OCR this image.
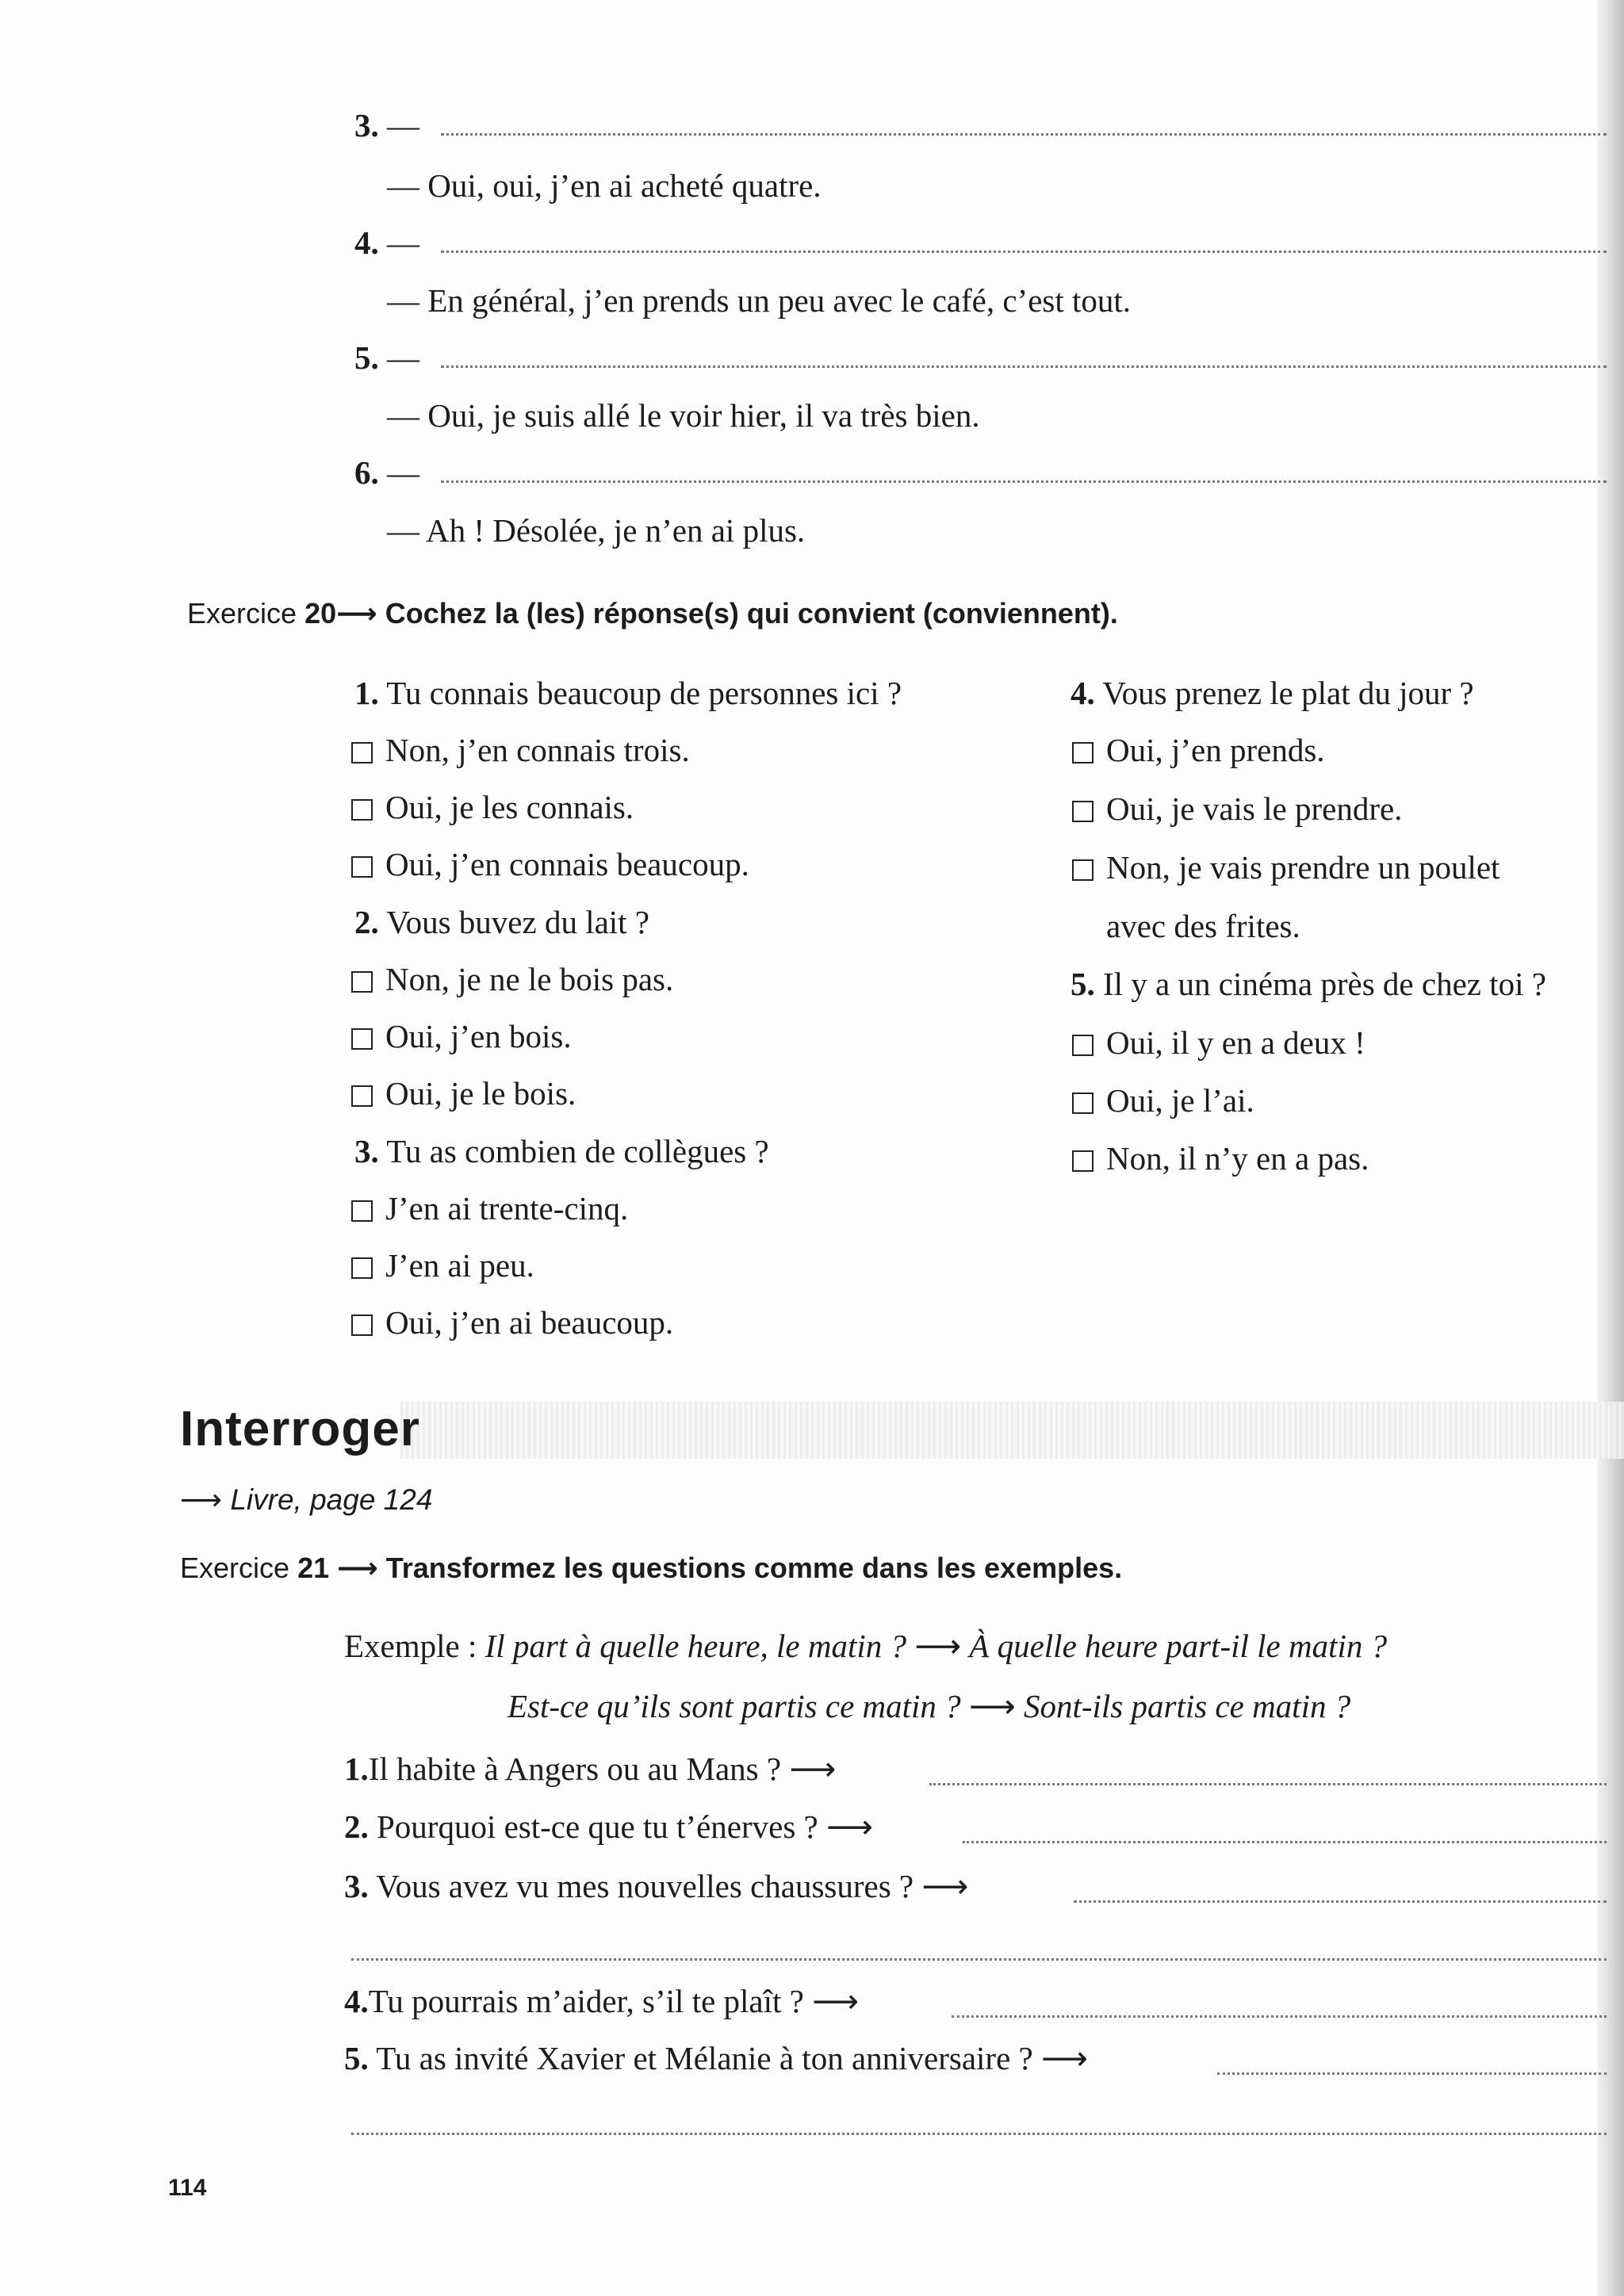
3. —
— Oui, oui, j’en ai acheté quatre.
4. —
— En général, j’en prends un peu avec le café, c’est tout.
5. —
— Oui, je suis allé le voir hier, il va très bien.
6. —
— Ah ! Désolée, je n’en ai plus.
Exercice 20⟶ Cochez la (les) réponse(s) qui convient (conviennent).
1. Tu connais beaucoup de personnes ici ?
Non, j’en connais trois.
Oui, je les connais.
Oui, j’en connais beaucoup.
2. Vous buvez du lait ?
Non, je ne le bois pas.
Oui, j’en bois.
Oui, je le bois.
3. Tu as combien de collègues ?
J’en ai trente-cinq.
J’en ai peu.
Oui, j’en ai beaucoup.
4. Vous prenez le plat du jour ?
Oui, j’en prends.
Oui, je vais le prendre.
Non, je vais prendre un poulet
avec des frites.
5. Il y a un cinéma près de chez toi ?
Oui, il y en a deux !
Oui, je l’ai.
Non, il n’y en a pas.
Interroger
⟶ Livre, page 124
Exercice 21 ⟶ Transformez les questions comme dans les exemples.
Exemple : Il part à quelle heure, le matin ? ⟶ À quelle heure part-il le matin ?
Est-ce qu’ils sont partis ce matin ? ⟶ Sont-ils partis ce matin ?
1.Il habite à Angers ou au Mans ? ⟶
2. Pourquoi est-ce que tu t’énerves ? ⟶
3. Vous avez vu mes nouvelles chaussures ? ⟶
4.Tu pourrais m’aider, s’il te plaît ? ⟶
5. Tu as invité Xavier et Mélanie à ton anniversaire ? ⟶
114
